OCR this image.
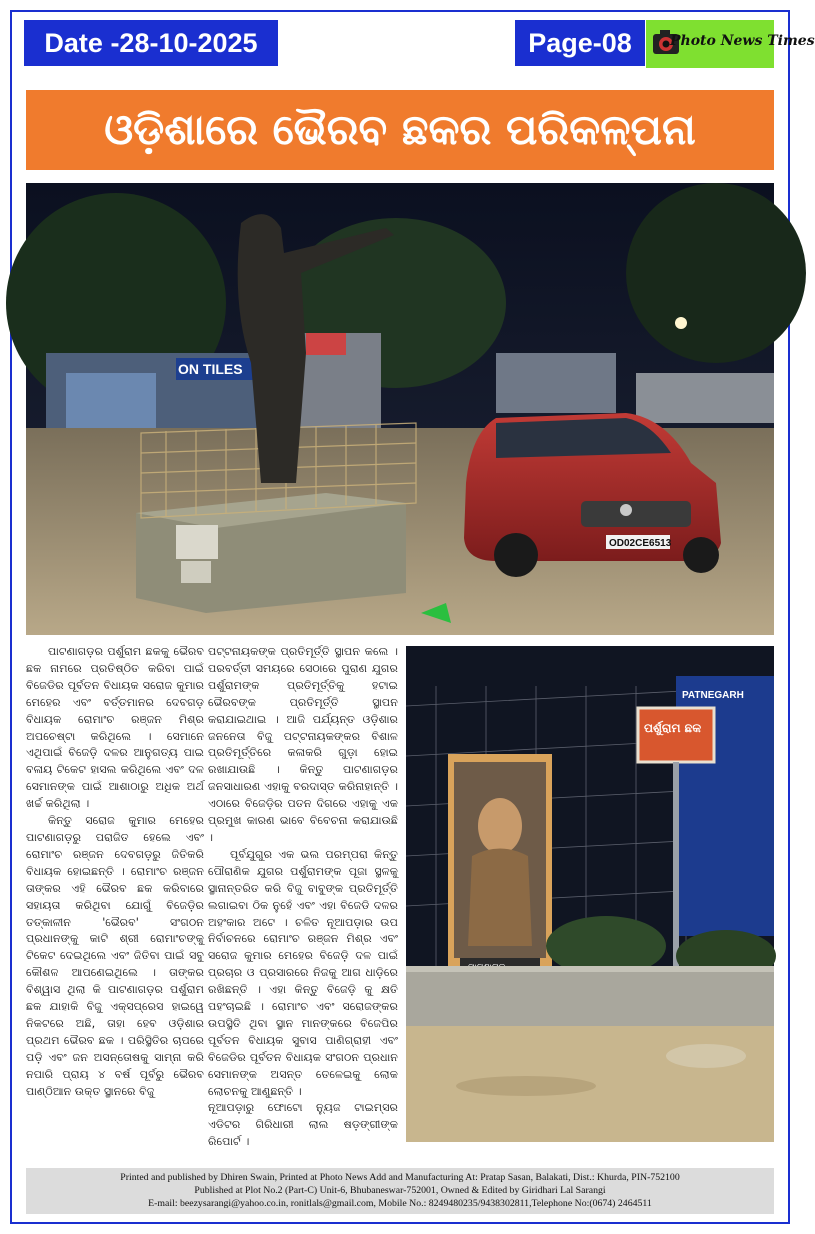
Date -28-10-2025	Page-08	Photo News Times
ଓଡ଼ିଶାରେ ଭୈରବ ଛକର ପରିକଳ୍ପନା
ON TILES
OD02CE6513

ପାଟଣାଗଡ଼ର ପର୍ଶୁରାମ ଛକକୁ ଭୈରବ ଛକ ନାମରେ ପ୍ରତିଷ୍ଠିତ କରିବା ପାଇଁ ବିଜେଡିର ପୂର୍ବତନ ବିଧାୟକ ସରୋଜ କୁମାର ମେହେର ଏବଂ ବର୍ତ୍ତମାନର ଦେବଗଡ଼ ବିଧାୟକ ରୋମାଂଚ ରଞ୍ଜନ ମିଶ୍ର ଅପଚେଷ୍ଟା କରିଥିଲେ । ସେମାନେ ଏଥିପାଇଁ ବିଜେଡ଼ି ଦଳର ଆନୁଗତ୍ୟ ପାଇ ବଳାୟ ଟିକେଟ ହାସଲ କରିଥିଲେ ଏବଂ ଦଳ ସେମାନଙ୍କ ପାଇଁ ଆଶାଠାରୁ ଅଧିକ ଅର୍ଥ ଖର୍ଚ୍ଚ କରିଥିଲା ।

କିନ୍ତୁ ସରୋଜ କୁମାର ମେହେର ପାଟଣାଗଡ଼ରୁ ପରାଜିତ ହେଲେ ଏବଂ ରୋମାଂଚ ରଞ୍ଜନ ଦେବଗଡ଼ରୁ ଜିତିକରି ବିଧାୟକ ହୋଇଛନ୍ତି । ରୋମାଂଚ ରଞ୍ଜନ ତାଙ୍କର ଏହି ଭୈରବ ଛକ କରିବାରେ ସହାୟତା କରିଥିବା ଯୋଗୁଁ ବିଜେଡ଼ିର ତତ୍କାଳୀନ 'ଭୈରବ' ସଂଗଠନ ପ୍ରଧାନଙ୍କୁ କାଟି ଶ୍ରୀ ରୋମାଂଚଙ୍କୁ ଟିକେଟ ଦେଇଥିଲେ ଏବଂ ଜିତିବା ପାଇଁ ସବୁ କୌଶଳ ଆପଣେଇଥିଲେ । ତାଙ୍କର ବିଶ୍ୱାସ ଥିଲା କି ପାଟଣାଗଡ଼ର ପର୍ଶୁରାମ ଛକ ଯାହାକି ବିଜୁ ଏକ୍ସପ୍ରେସ ହାଇୱେ ନିକଟରେ ଅଛି, ତାହା ହେବ ଓଡ଼ିଶାର ପ୍ରଥମ ଭୈରବ ଛକ । ପରିସ୍ଥିତିର ଚାପରେ ପଡ଼ି ଏବଂ ଜନ ଅସନ୍ତୋଷକୁ ସାମ୍ନା କରି ନପାରି ପ୍ରାୟ ୪ ବର୍ଷ ପୂର୍ବରୁ ଭୈରବ ପାଣ୍ଠିଆନ ଉକ୍ତ ସ୍ଥାନରେ ବିଜୁ

ପଟ୍ଟନାୟକଙ୍କ ପ୍ରତିମୂର୍ତ୍ତି ସ୍ଥାପନ କଲେ । ପରବର୍ତ୍ତୀ ସମୟରେ ସେଠାରେ ପୁରାଣ ଯୁଗର ପର୍ଶୁରାମଙ୍କ ପ୍ରତିମୂର୍ତ୍ତିକୁ ହଟାଇ ଭୈରବଙ୍କ ପ୍ରତିମୂର୍ତ୍ତି ସ୍ଥାପନ କରାଯାଇଥାଇ । ଆଜି ପର୍ଯ୍ୟନ୍ତ ଓଡ଼ିଶାର ଜନନେତା ବିଜୁ ପଟ୍ଟନାୟକଙ୍କର ବିଶାଳ ପ୍ରତିମୂର୍ତ୍ତିରେ କଳାକରି ଗୁଡ଼ା ହୋଇ ରଖାଯାଉଛି । କିନ୍ତୁ ପାଟଣାଗଡ଼ର ଜନସାଧାରଣ ଏହାକୁ ବରଦାସ୍ତ କରିନାହାନ୍ତି । ଏଠାରେ ବିଜେଡ଼ିର ପତନ ଦିଗରେ ଏହାକୁ ଏକ ପ୍ରମୁଖ କାରଣ ଭାବେ ବିବେଚନା କରାଯାଉଛି ।

ପୂର୍ବଯୁଗୁର ଏକ ଭଲ ପରମ୍ପରା କିନ୍ତୁ ପୌରାଣିକ ଯୁଗର ପର୍ଶୁରାମଙ୍କ ପୂଜା ସ୍ଥଳକୁ ସ୍ଥାନାନ୍ତରିତ କରି ବିଜୁ ବାବୁଙ୍କ ପ୍ରତିମୂର୍ତ୍ତି ଲଗାଇବା ଠିକ ନୁହେଁ ଏବଂ ଏହା ବିଜେଡି ଦଳର ଅହଂକାର ଅଟେ । ଚଳିତ ନୂଆପଡ଼ାର ଉପ ନିର୍ବାଚନରେ ରୋମାଂଚ ରଞ୍ଜନ ମିଶ୍ର ଏବଂ ସରୋଜ କୁମାର ମେହେର ବିଜେଡ଼ି ଦଳ ପାଇଁ ପ୍ରଚାର ଓ ପ୍ରସାରରେ ନିଜକୁ ଆଗ ଧାଡ଼ିରେ ରଖିଛନ୍ତି । ଏହା କିନ୍ତୁ ବିଜେଡ଼ି କୁ କ୍ଷତି ପହଂଚାଇଛି । ରୋମାଂଚ ଏବଂ ସରୋଜଙ୍କର ଉପସ୍ଥିତି ଥିବା ସ୍ଥାନ ମାନଙ୍କରେ ବିଜେପିର ପୂର୍ବତନ ବିଧାୟକ ସୁବାସ ପାଣିଗ୍ରାହୀ ଏବଂ ବିଜେଡିର ପୂର୍ବତନ ବିଧାୟକ ସଂଗଠନ ପ୍ରଧାନ ସେମାନଙ୍କ ଅସନ୍ତ ତେଳେଇକୁ ଲୋକ ଲୋଚନକୁ ଆଣୁଛନ୍ତି ।

ନୂଆପଡ଼ାରୁ ଫୋଟୋ ନ୍ୟୁଜ ଟାଇମ୍ସର ଏଡିଟର ଗିରିଧାରୀ ଲାଲ ଷଡ଼ଙ୍ଗୀଙ୍କ ରିପୋର୍ଟ ।

PATNEGARH
ପର୍ଶୁରାମ ଛକ
Printed and published by Dhiren Swain, Printed at Photo News Add and Manufacturing At: Pratap Sasan, Balakati, Dist.: Khurda, PIN-752100
Published at Plot No.2 (Part-C) Unit-6, Bhubaneswar-752001, Owned & Edited by Giridhari Lal Sarangi
E-mail: beezysarangi@yahoo.co.in, ronitlals@gmail.com, Mobile No.: 8249480235/9438302811,Telephone No:(0674) 2464511
